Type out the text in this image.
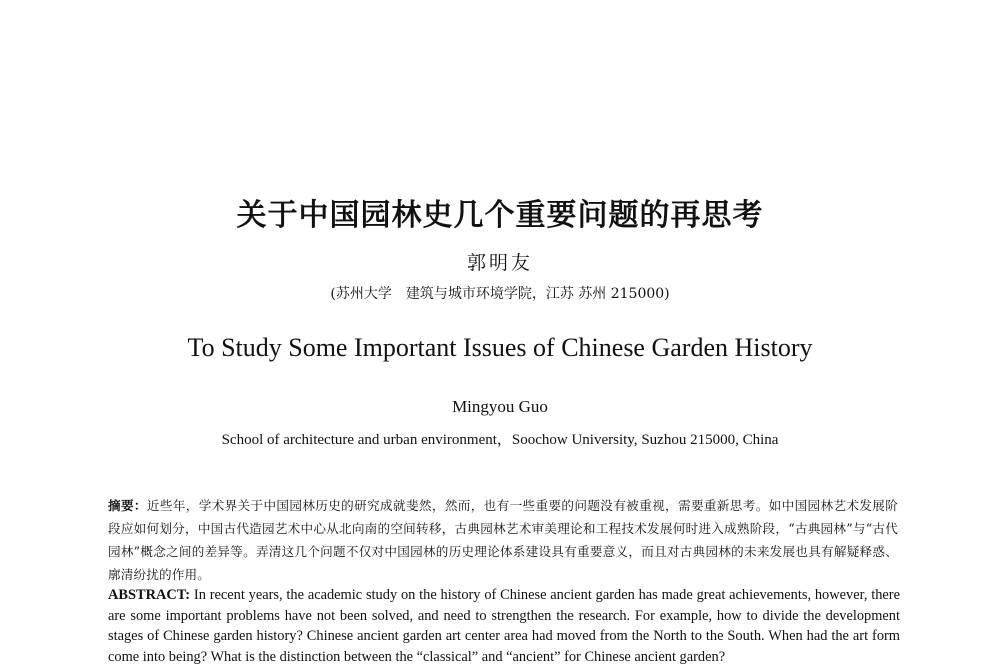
关于中国园林史几个重要问题的再思考
郭明友
(苏州大学　建筑与城市环境学院，江苏 苏州 215000)
To Study Some Important Issues of Chinese Garden History
Mingyou Guo
School of architecture and urban environment，Soochow University, Suzhou 215000, China
摘要：近些年，学术界关于中国园林历史的研究成就斐然，然而，也有一些重要的问题没有被重视，需要重新思考。如中国园林艺术发展阶段应如何划分，中国古代造园艺术中心从北向南的空间转移，古典园林艺术审美理论和工程技术发展何时进入成熟阶段，“古典园林”与“古代园林”概念之间的差异等。弄清这几个问题不仅对中国园林的历史理论体系建设具有重要意义，而且对古典园林的未来发展也具有解疑释惑、廓清纷扰的作用。
ABSTRACT: In recent years, the academic study on the history of Chinese ancient garden has made great achievements, however, there are some important problems have not been solved, and need to strengthen the research. For example, how to divide the development stages of Chinese garden history? Chinese ancient garden art center area had moved from the North to the South. When had the art form come into being? What is the distinction between the “classical” and “ancient” for Chinese ancient garden?
